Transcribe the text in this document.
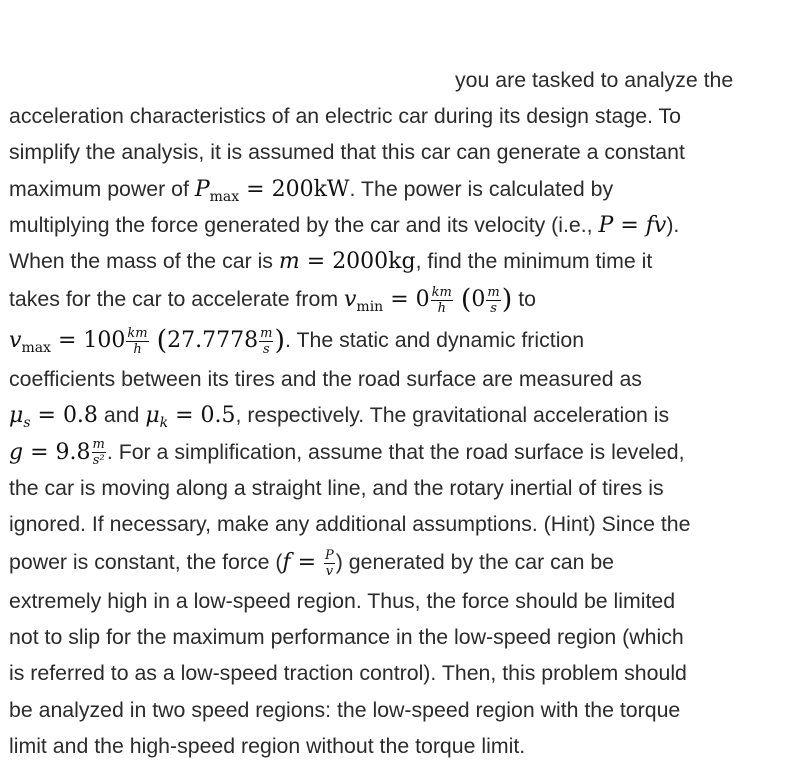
you are tasked to analyze the
acceleration characteristics of an electric car during its design stage. To
simplify the analysis, it is assumed that this car can generate a constant
maximum power of $P_{max} = 200kW$. The power is calculated by
multiplying the force generated by the car and its velocity (i.e., P = fv).
When the mass of the car is m = 2000kg, find the minimum time it
takes for the car to accelerate from $v_{min} = 0 \frac{km}{h} (0 \frac{m}{s}$ ) to
$v_{max} = 100 \frac{km}{h} (27.7778 \frac{m}{s}$ ). The static and dynamic friction
coefficients between its tires and the road surface are measured as
$\mu_s = 0.8$ and $\mu_k = 0.5$, respectively. The gravitational acceleration is
$g = 9.8 \frac{m}{\text{s²}}$ . For a simplification, assume that the road surface is leveled,
the car is moving along a straight line, and the rotary inertial of tires is
ignored. If necessary, make any additional assumptions. (Hint) Since the
power is constant, the force ($f = \frac{P}{v}$ ) generated by the car can be
extremely high in a low-speed region. Thus, the force should be limited
not to slip for the maximum performance in the low-speed region (which
is referred to as a low-speed traction control). Then, this problem should
be analyzed in two speed regions: the low-speed region with the torque
limit and the high-speed region without the torque limit.
